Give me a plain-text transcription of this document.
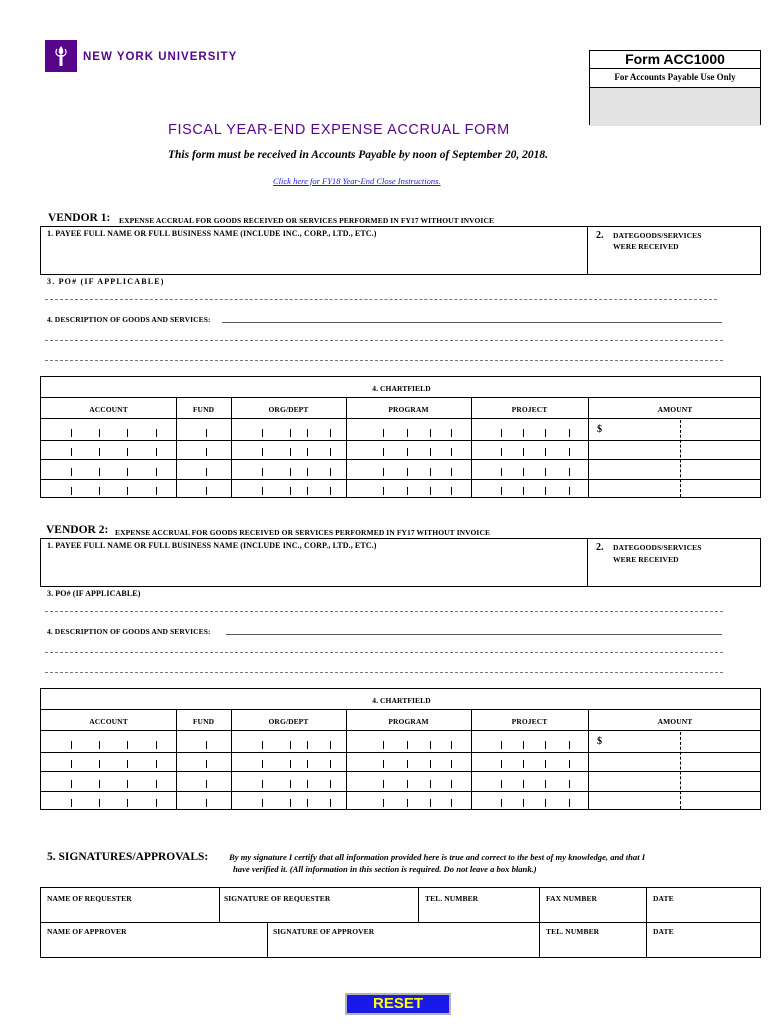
NEW YORK UNIVERSITY	Form ACC1000
For Accounts Payable Use Only
FISCAL YEAR-END EXPENSE ACCRUAL FORM
This form must be received in Accounts Payable by noon of September 20, 2018.
Click here for FY18 Year-End Close Instructions.
VENDOR 1: EXPENSE ACCRUAL FOR GOODS RECEIVED OR SERVICES PERFORMED IN FY17 WITHOUT INVOICE
1. PAYEE FULL NAME OR FULL BUSINESS NAME (INCLUDE INC., CORP., LTD., ETC.)	2. DATEGOODS/SERVICES
WERE RECEIVED
3. PO# (IF APPLICABLE)
4. DESCRIPTION OF GOODS AND SERVICES:
4. CHARTFIELD
ACCOUNT	FUND	ORG/DEPT	PROGRAM	PROJECT	AMOUNT
$
VENDOR 2: EXPENSE ACCRUAL FOR GOODS RECEIVED OR SERVICES PERFORMED IN FY17 WITHOUT INVOICE
1. PAYEE FULL NAME OR FULL BUSINESS NAME (INCLUDE INC., CORP., LTD., ETC.)	2. DATEGOODS/SERVICES
WERE RECEIVED
3. PO# (IF APPLICABLE)
4. DESCRIPTION OF GOODS AND SERVICES:
4. CHARTFIELD
ACCOUNT	FUND	ORG/DEPT	PROGRAM	PROJECT	AMOUNT
$
5. SIGNATURES/APPROVALS: By my signature I certify that all information provided here is true and correct to the best of my knowledge, and that I
have verified it. (All information in this section is required. Do not leave a box blank.)
NAME OF REQUESTER	SIGNATURE OF REQUESTER	TEL. NUMBER	FAX NUMBER	DATE
NAME OF APPROVER	SIGNATURE OF APPROVER	TEL. NUMBER	DATE
RESET
